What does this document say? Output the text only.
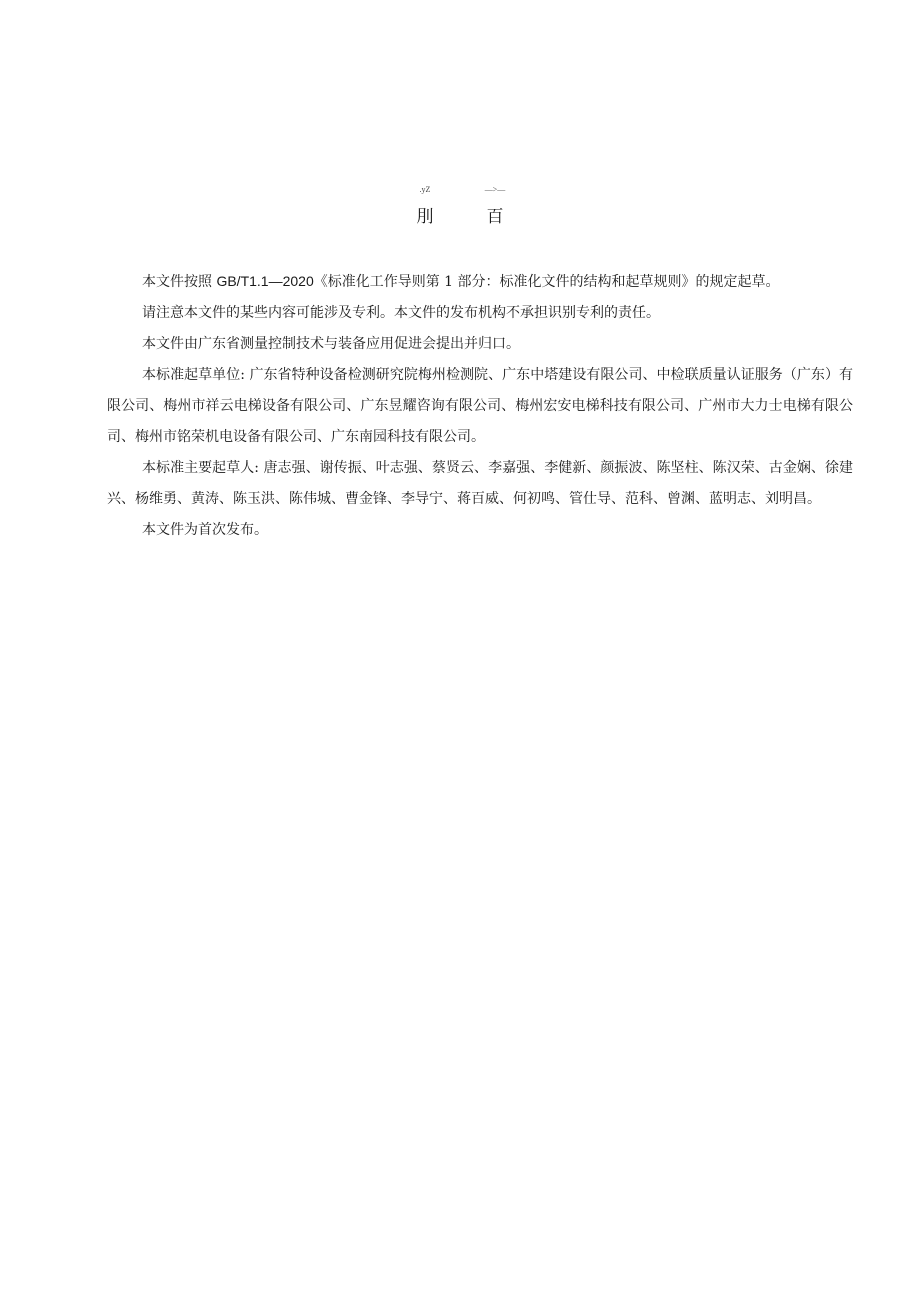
.yZ
刖
—>—
百

本文件按照 GB/T1.1—2020《标准化工作导则第 1 部分：标准化文件的结构和起草规则》的规定起草。

请注意本文件的某些内容可能涉及专利。本文件的发布机构不承担识别专利的责任。

本文件由广东省测量控制技术与装备应用促进会提出并归口。

本标准起草单位: 广东省特种设备检测研究院梅州检测院、广东中塔建设有限公司、中检联质量认证服务（广东）有限公司、梅州市祥云电梯设备有限公司、广东昱耀咨询有限公司、梅州宏安电梯科技有限公司、广州市大力士电梯有限公司、梅州市铭荣机电设备有限公司、广东南园科技有限公司。

本标准主要起草人: 唐志强、谢传振、叶志强、蔡贤云、李嘉强、李健新、颜振波、陈坚柱、陈汉荣、古金娴、徐建兴、杨维勇、黄涛、陈玉洪、陈伟城、曹金锋、李导宁、蒋百威、何初鸣、管仕导、范科、曾渊、蓝明志、刘明昌。

本文件为首次发布。
